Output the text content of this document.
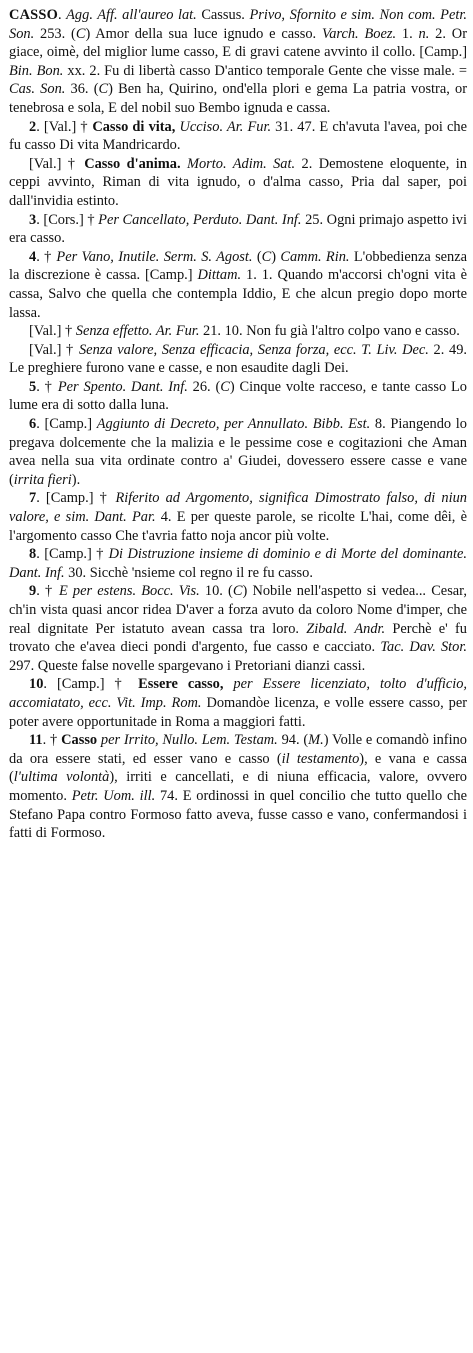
CASSO. Agg. Aff. all'aureo lat. Cassus. Privo, Sfornito e sim. Non com. Petr. Son. 253. (C) Amor della sua luce ignudo e casso. Varch. Boez. 1. n. 2. Or giace, oimè, del miglior lume casso, E di gravi catene avvinto il collo. [Camp.] Bin. Bon. xx. 2. Fu di libertà casso D'antico temporale Gente che visse male. = Cas. Son. 36. (C) Ben ha, Quirino, ond'ella plori e gema La patria vostra, or tenebrosa e sola, E del nobil suo Bembo ignuda e cassa.

2. [Val.] † Casso di vita, Ucciso. Ar. Fur. 31. 47. E ch'avuta l'avea, poi che fu casso Di vita Mandricardo.

[Val.] † Casso d'anima. Morto. Adim. Sat. 2. Demostene eloquente, in ceppi avvinto, Riman di vita ignudo, o d'alma casso, Pria dal saper, poi dall'invidia estinto.

3. [Cors.] † Per Cancellato, Perduto. Dant. Inf. 25. Ogni primajo aspetto ivi era casso.

4. † Per Vano, Inutile. Serm. S. Agost. (C) Camm. Rin. L'obbedienza senza la discrezione è cassa. [Camp.] Dittam. 1. 1. Quando m'accorsi ch'ogni vita è cassa, Salvo che quella che contempla Iddio, E che alcun pregio dopo morte lassa.

[Val.] † Senza effetto. Ar. Fur. 21. 10. Non fu già l'altro colpo vano e casso.

[Val.] † Senza valore, Senza efficacia, Senza forza, ecc. T. Liv. Dec. 2. 49. Le preghiere furono vane e casse, e non esaudite dagli Dei.

5. † Per Spento. Dant. Inf. 26. (C) Cinque volte racceso, e tante casso Lo lume era di sotto dalla luna.

6. [Camp.] Aggiunto di Decreto, per Annullato. Bibb. Est. 8. Piangendo lo pregava dolcemente che la malizia e le pessime cose e cogitazioni che Aman avea nella sua vita ordinate contro a' Giudei, dovessero essere casse e vane (irrita fieri).

7. [Camp.] † Riferito ad Argomento, significa Dimostrato falso, di niun valore, e sim. Dant. Par. 4. E per queste parole, se ricolte L'hai, come dêi, è l'argomento casso Che t'avria fatto noja ancor più volte.

8. [Camp.] † Di Distruzione insieme di dominio e di Morte del dominante. Dant. Inf. 30. Sicchè 'nsieme col regno il re fu casso.

9. † E per estens. Bocc. Vis. 10. (C) Nobile nell'aspetto si vedea... Cesar, ch'in vista quasi ancor ridea D'aver a forza avuto da coloro Nome d'imper, che real dignitate Per istatuto avean cassa tra loro. Zibald. Andr. Perchè e' fu trovato che e'avea dieci pondi d'argento, fue casso e cacciato. Tac. Dav. Stor. 297. Queste false novelle spargevano i Pretoriani dianzi cassi.

10. [Camp.] † Essere casso, per Essere licenziato, tolto d'ufficio, accomiatato, ecc. Vit. Imp. Rom. Domandòe licenza, e volle essere casso, per poter avere opportunitade in Roma a maggiori fatti.

11. † Casso per Irrito, Nullo. Lem. Testam. 94. (M.) Volle e comandò infino da ora essere stati, ed esser vano e casso (il testamento), e vana e cassa (l'ultima volontà), irriti e cancellati, e di niuna efficacia, valore, ovvero momento. Petr. Uom. ill. 74. E ordinossi in quel concilio che tutto quello che Stefano Papa contro Formoso fatto aveva, fusse casso e vano, confermandosi i fatti di Formoso.
